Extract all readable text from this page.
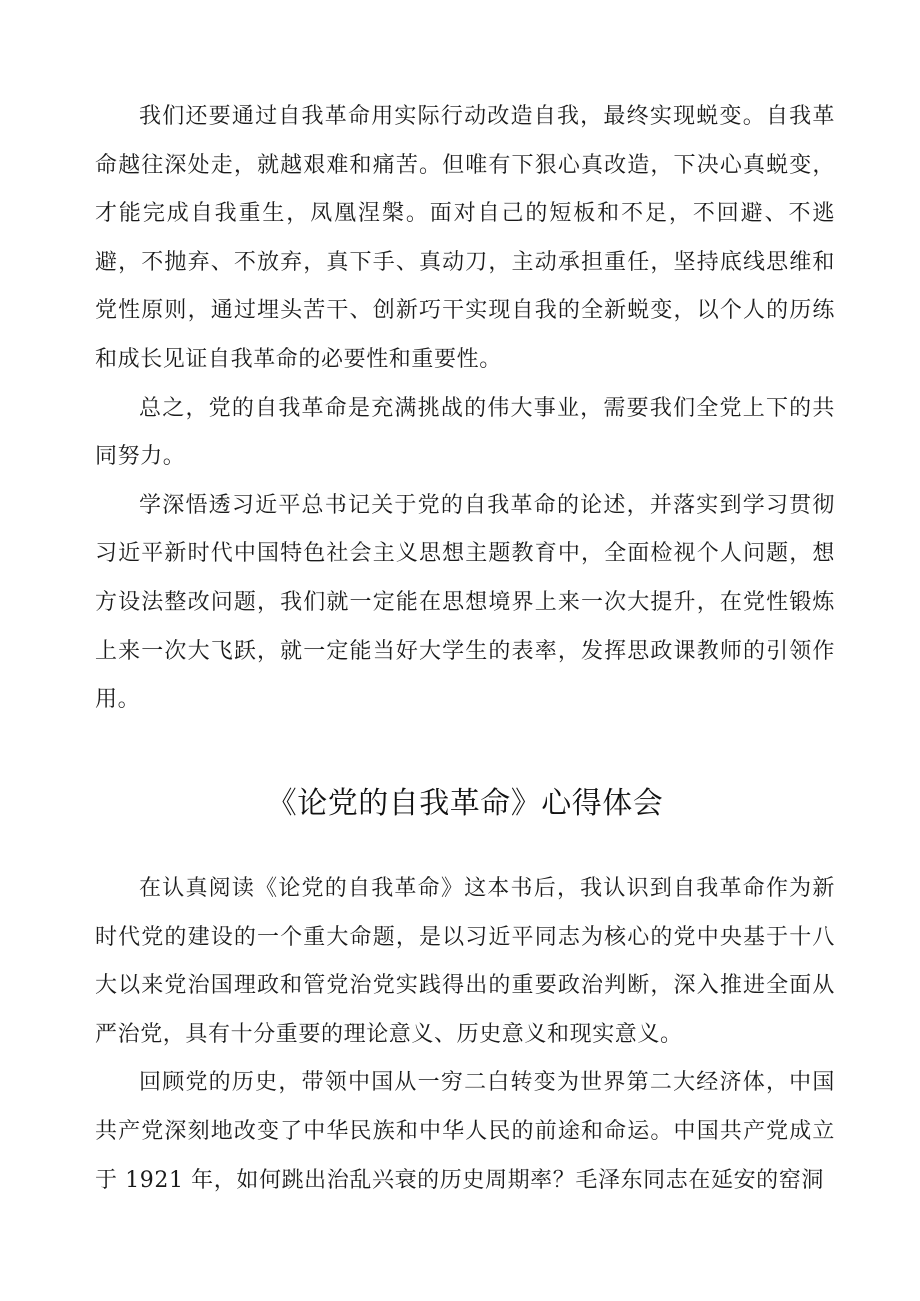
我们还要通过自我革命用实际行动改造自我，最终实现蜕变。自我革命越往深处走，就越艰难和痛苦。但唯有下狠心真改造，下决心真蜕变，才能完成自我重生，凤凰涅槃。面对自己的短板和不足，不回避、不逃避，不抛弃、不放弃，真下手、真动刀，主动承担重任，坚持底线思维和党性原则，通过埋头苦干、创新巧干实现自我的全新蜕变，以个人的历练和成长见证自我革命的必要性和重要性。

总之，党的自我革命是充满挑战的伟大事业，需要我们全党上下的共同努力。

学深悟透习近平总书记关于党的自我革命的论述，并落实到学习贯彻习近平新时代中国特色社会主义思想主题教育中，全面检视个人问题，想方设法整改问题，我们就一定能在思想境界上来一次大提升，在党性锻炼上来一次大飞跃，就一定能当好大学生的表率，发挥思政课教师的引领作用。

《论党的自我革命》心得体会

在认真阅读《论党的自我革命》这本书后，我认识到自我革命作为新时代党的建设的一个重大命题，是以习近平同志为核心的党中央基于十八大以来党治国理政和管党治党实践得出的重要政治判断，深入推进全面从严治党，具有十分重要的理论意义、历史意义和现实意义。

回顾党的历史，带领中国从一穷二白转变为世界第二大经济体，中国共产党深刻地改变了中华民族和中华人民的前途和命运。中国共产党成立于 1921 年，如何跳出治乱兴衰的历史周期率？毛泽东同志在延安的窑洞
